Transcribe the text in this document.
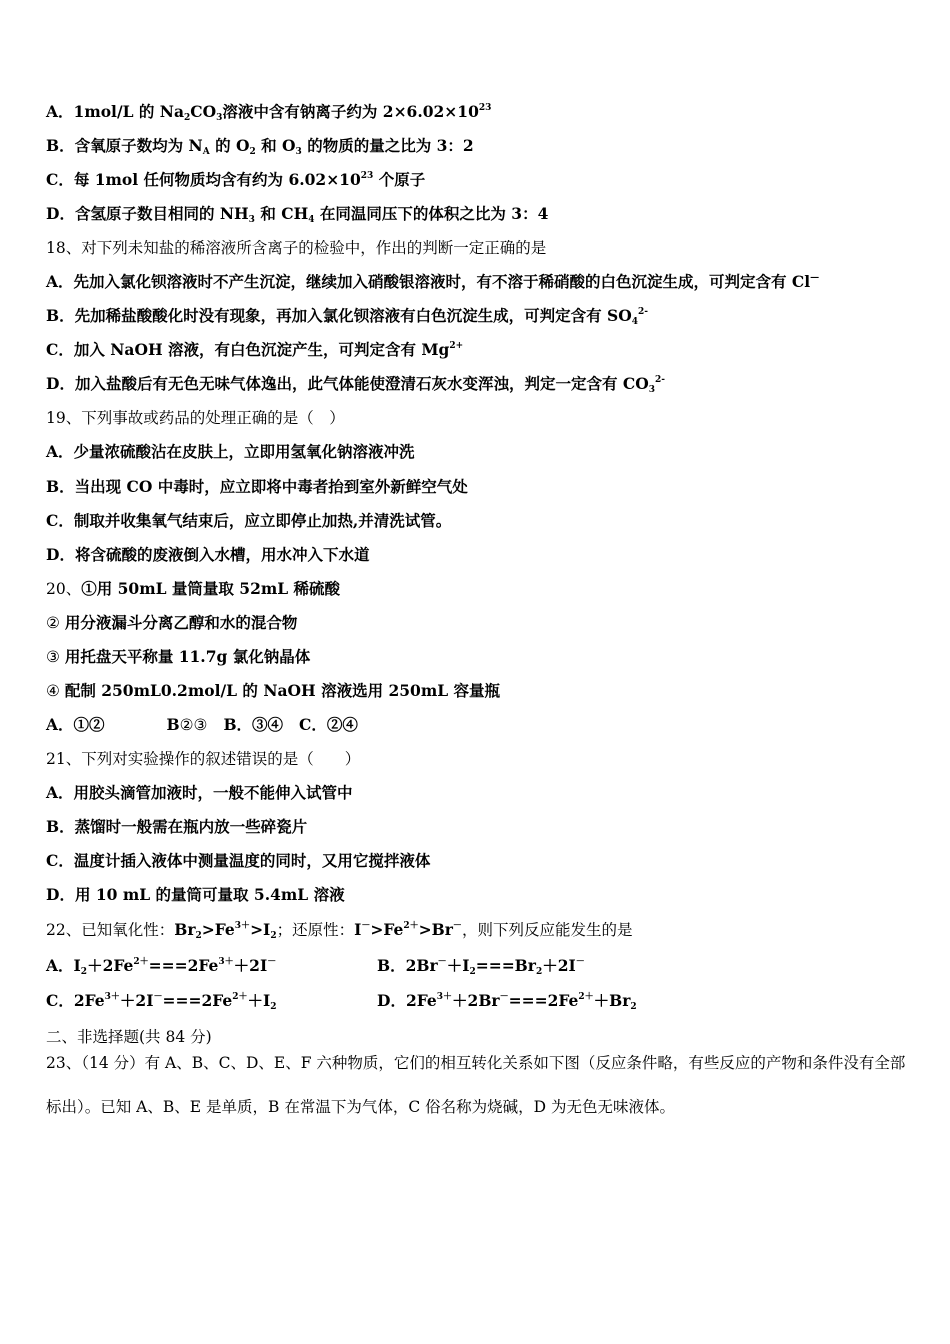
A．1mol/L 的 $Na_2CO_3$溶液中含有钠离子约为 $2\times 6.02\times 10^{23}$
B．含氧原子数均为 $N_A$ 的 $O_2$ 和 $O_3$ 的物质的量之比为 3：2
C．每 1mol 任何物质均含有约为 $6.02\times 10^{23}$ 个原子
D．含氢原子数目相同的 $NH_3$ 和 $CH_4$ 在同温同压下的体积之比为 3：4
18、对下列未知盐的稀溶液所含离子的检验中，作出的判断一定正确的是
A．先加入氯化钡溶液时不产生沉淀，继续加入硝酸银溶液时，有不溶于稀硝酸的白色沉淀生成，可判定含有 Cl—
B．先加稀盐酸酸化时没有现象，再加入氯化钡溶液有白色沉淀生成，可判定含有 $SO_4^{2-}$
C．加入 NaOH 溶液，有白色沉淀产生，可判定含有 $Mg^{2+}$
D．加入盐酸后有无色无味气体逸出，此气体能使澄清石灰水变浑浊，判定一定含有 $CO_3^{2-}$
19、下列事故或药品的处理正确的是（　）
A．少量浓硫酸沾在皮肤上，立即用氢氧化钠溶液冲洗
B．当出现 CO 中毒时，应立即将中毒者抬到室外新鲜空气处
C．制取并收集氧气结束后，应立即停止加热,并清洗试管。
D．将含硫酸的废液倒入水槽，用水冲入下水道
20、①用 50mL 量筒量取 52mL 稀硫酸
② 用分液漏斗分离乙醇和水的混合物
③ 用托盘天平称量 11.7g 氯化钠晶体
④ 配制 250mL0.2mol/L 的 NaOH 溶液选用 250mL 容量瓶
A．①②	B②③ B．③④ C．②④
21、下列对实验操作的叙述错误的是（　　）
A．用胶头滴管加液时，一般不能伸入试管中
B．蒸馏时一般需在瓶内放一些碎瓷片
C．温度计插入液体中测量温度的同时，又用它搅拌液体
D．用 10 mL 的量筒可量取 5.4mL 溶液
22、已知氧化性：$Br_2>Fe^{3+}>I_2$；还原性：$I^->Fe^{2+}>Br^-$，则下列反应能发生的是
A．$I_2+2Fe^{2+}===2Fe^{3+}+2I^-$	B．$2Br^-+I_2===Br_2+2I^-$
C．$2Fe^{3+}+2I^-===2Fe^{2+}+I_2$	D．$2Fe^{3+}+2Br^-===2Fe^{2+}+Br_2$
二、非选择题(共 84 分)
23、（14 分）有 A、B、C、D、E、F 六种物质，它们的相互转化关系如下图（反应条件略，有些反应的产物和条件没有全部标出）。已知 A、B、E 是单质，B 在常温下为气体，C 俗名称为烧碱，D 为无色无味液体。
